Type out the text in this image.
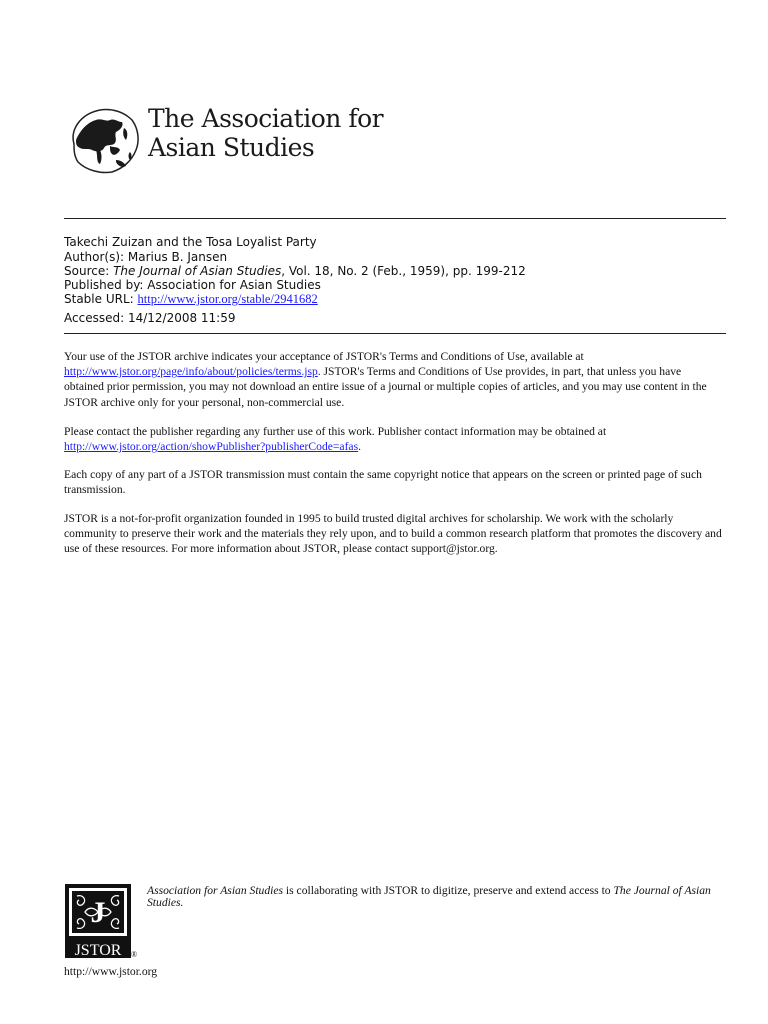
The Association for
Asian Studies
Takechi Zuizan and the Tosa Loyalist Party
Author(s): Marius B. Jansen
Source: The Journal of Asian Studies, Vol. 18, No. 2 (Feb., 1959), pp. 199-212
Published by: Association for Asian Studies
Stable URL: http://www.jstor.org/stable/2941682
Accessed: 14/12/2008 11:59

Your use of the JSTOR archive indicates your acceptance of JSTOR's Terms and Conditions of Use, available at http://www.jstor.org/page/info/about/policies/terms.jsp. JSTOR's Terms and Conditions of Use provides, in part, that unless you have obtained prior permission, you may not download an entire issue of a journal or multiple copies of articles, and you may use content in the JSTOR archive only for your personal, non-commercial use.

Please contact the publisher regarding any further use of this work. Publisher contact information may be obtained at http://www.jstor.org/action/showPublisher?publisherCode=afas.

Each copy of any part of a JSTOR transmission must contain the same copyright notice that appears on the screen or printed page of such transmission.

JSTOR is a not-for-profit organization founded in 1995 to build trusted digital archives for scholarship. We work with the scholarly community to preserve their work and the materials they rely upon, and to build a common research platform that promotes the discovery and use of these resources. For more information about JSTOR, please contact support@jstor.org.

J
JSTOR ®
http://www.jstor.org
Association for Asian Studies is collaborating with JSTOR to digitize, preserve and extend access to The Journal of Asian Studies.
